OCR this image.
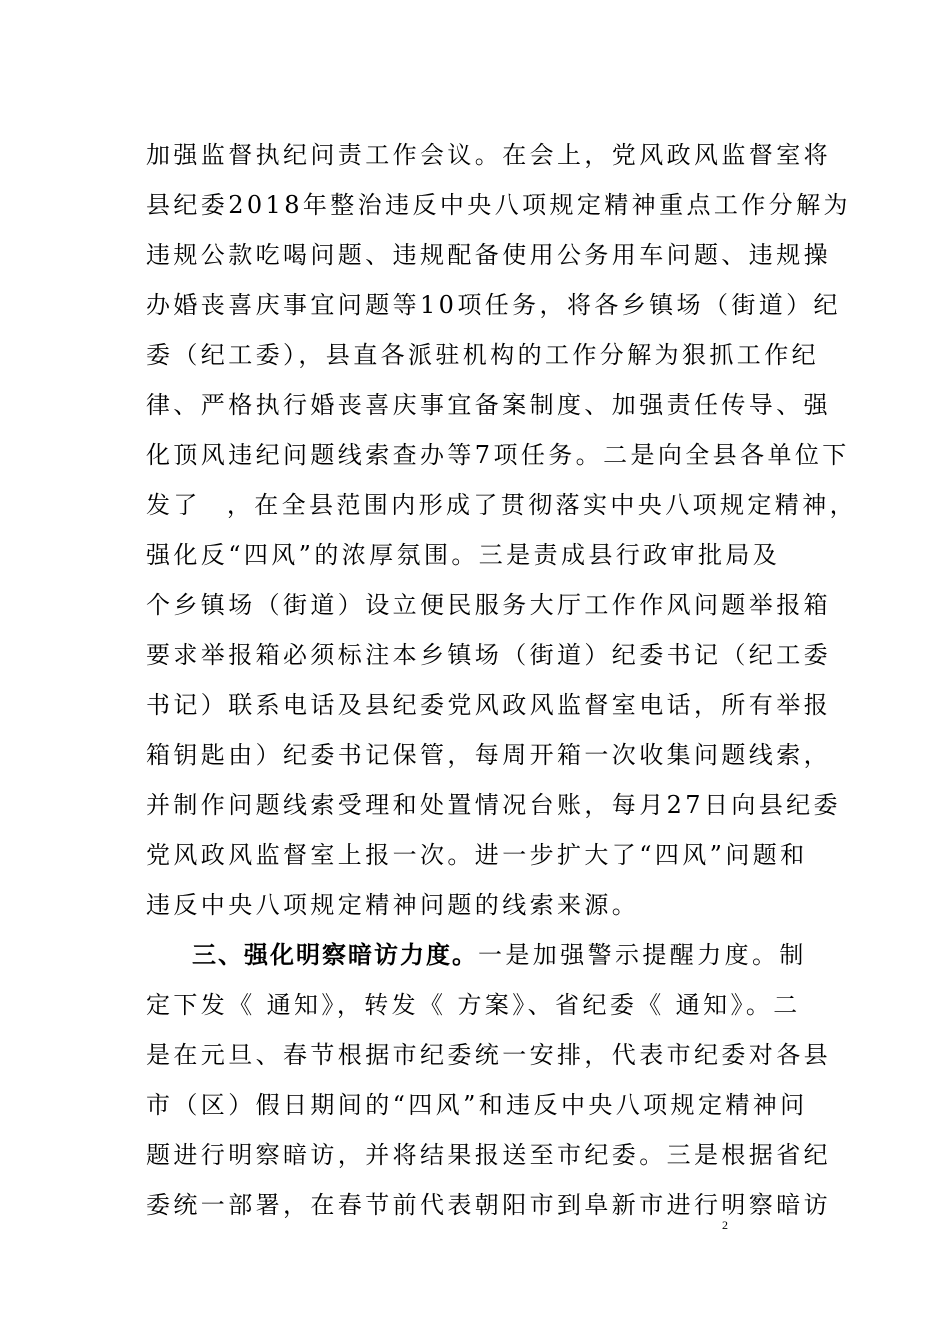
加强监督执纪问责工作会议。在会上，党风政风监督室将
县纪委2018年整治违反中央八项规定精神重点工作分解为
违规公款吃喝问题、违规配备使用公务用车问题、违规操
办婚丧喜庆事宜问题等10项任务，将各乡镇场（街道）纪
委（纪工委），县直各派驻机构的工作分解为狠抓工作纪
律、严格执行婚丧喜庆事宜备案制度、加强责任传导、强
化顶风违纪问题线索查办等7项任务。二是向全县各单位下
发了 ，在全县范围内形成了贯彻落实中央八项规定精神，
强化反“四风”的浓厚氛围。三是责成县行政审批局及
个乡镇场（街道）设立便民服务大厅工作作风问题举报箱
要求举报箱必须标注本乡镇场（街道）纪委书记（纪工委
书记）联系电话及县纪委党风政风监督室电话，所有举报
箱钥匙由）纪委书记保管，每周开箱一次收集问题线索，
并制作问题线索受理和处置情况台账，每月27日向县纪委
党风政风监督室上报一次。进一步扩大了“四风”问题和
违反中央八项规定精神问题的线索来源。
三、强化明察暗访力度。一是加强警示提醒力度。制
定下发《 通知》，转发《 方案》、省纪委《 通知》。二
是在元旦、春节根据市纪委统一安排，代表市纪委对各县
市（区）假日期间的“四风”和违反中央八项规定精神问
题进行明察暗访，并将结果报送至市纪委。三是根据省纪
委统一部署，在春节前代表朝阳市到阜新市进行明察暗访
2
